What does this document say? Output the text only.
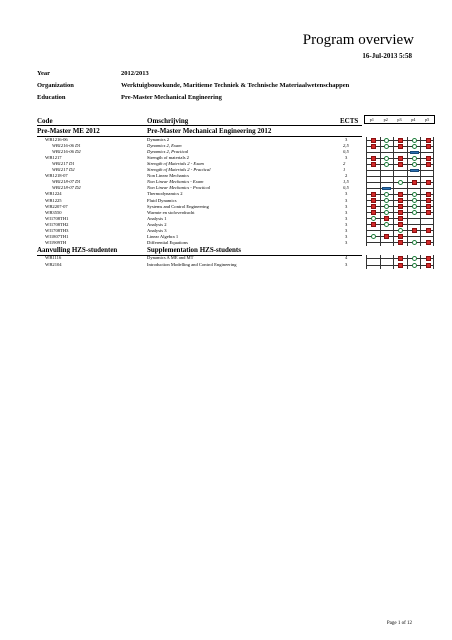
Program overview
16-Jul-2013 5:58
Year	2012/2013
Organization	Werktuigbouwkunde, Maritieme Techniek & Technische Materiaalwetenschappen
Education	Pre-Master Mechanical Engineering
Code	Omschrijving	ECTS	p1 p2 p3 p4 p5
Pre-Master ME 2012	Pre-Master Mechanical Engineering 2012
WB1216-06	Dynamics 2	3
WB1216-06 D1	Dynamics 2, Exam	2,5
WB1216-06 D2	Dynamics 2, Practical	0,5
WB1217	Strength of materials 2	3
WB1217 D1	Strength of Materials 2 - Exam	2
WB1217 D2	Strength of Materials 2 - Practical	1
WB1218-07	Non Linear Mechanics	2
WB1218-07 D1	Non Linear Mechanics - Exam	1,5
WB1218-07 D2	Non Linear Mechanics - Practical	0,5
WB1224	Thermodynamics 2	3
WB1225	Fluid Dynamics	3
WB2207-07	Systems and Control Engineering	3
WB3550	Warmte en stofoverdracht	3
WI1708TH1	Analysis 1	3
WI1708TH2	Analysis 2	3
WI1708TH3	Analysis 3	3
WI1807TH1	Linear Algebra 1	3
WI1909TH	Differential Equations	3
Aanvulling HZS-studenten	Supplementation HZS-students
WB1116	Dynamics A ME and MT	4
WB2104	Introduction Modelling and Control Engineering	3
Page 1 of 12
